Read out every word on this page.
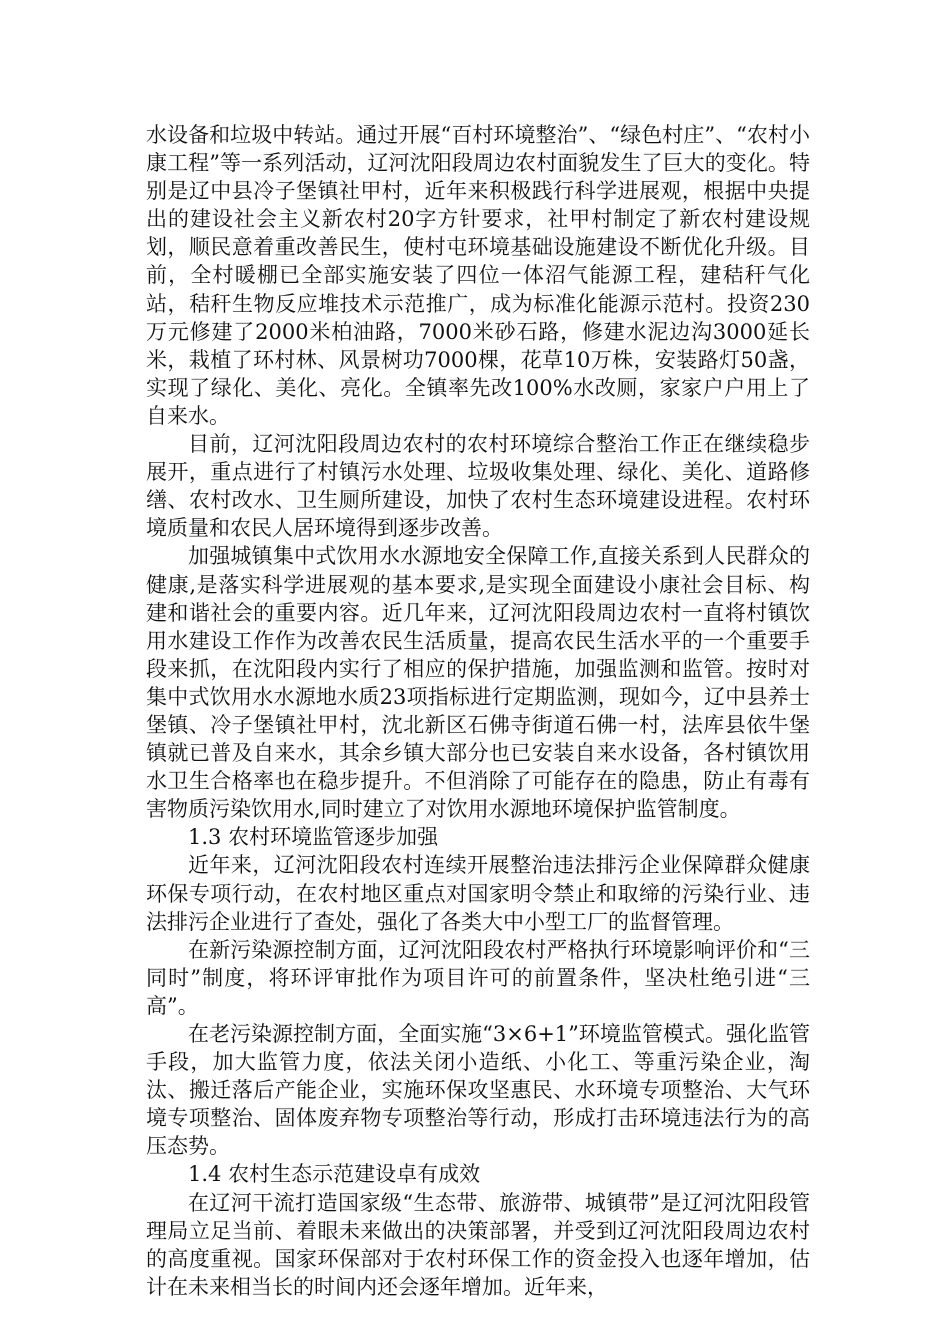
水设备和垃圾中转站。通过开展“百村环境整治”、“绿色村庄”、“农村小康工程”等一系列活动，辽河沈阳段周边农村面貌发生了巨大的变化。特别是辽中县冷子堡镇社甲村，近年来积极践行科学进展观，根据中央提出的建设社会主义新农村20字方针要求，社甲村制定了新农村建设规划，顺民意着重改善民生，使村屯环境基础设施建设不断优化升级。目前，全村暖棚已全部实施安装了四位一体沼气能源工程，建秸秆气化站，秸秆生物反应堆技术示范推广，成为标准化能源示范村。投资230万元修建了2000米柏油路，7000米砂石路，修建水泥边沟3000延长米，栽植了环村林、风景树功7000棵，花草10万株，安装路灯50盏，实现了绿化、美化、亮化。全镇率先改100%水改厕，家家户户用上了自来水。

目前，辽河沈阳段周边农村的农村环境综合整治工作正在继续稳步展开，重点进行了村镇污水处理、垃圾收集处理、绿化、美化、道路修缮、农村改水、卫生厕所建设，加快了农村生态环境建设进程。农村环境质量和农民人居环境得到逐步改善。

加强城镇集中式饮用水水源地安全保障工作,直接关系到人民群众的健康,是落实科学进展观的基本要求,是实现全面建设小康社会目标、构建和谐社会的重要内容。近几年来，辽河沈阳段周边农村一直将村镇饮用水建设工作作为改善农民生活质量，提高农民生活水平的一个重要手段来抓，在沈阳段内实行了相应的保护措施，加强监测和监管。按时对集中式饮用水水源地水质23项指标进行定期监测，现如今，辽中县养士堡镇、冷子堡镇社甲村，沈北新区石佛寺街道石佛一村，法库县依牛堡镇就已普及自来水，其余乡镇大部分也已安装自来水设备，各村镇饮用水卫生合格率也在稳步提升。不但消除了可能存在的隐患，防止有毒有害物质污染饮用水,同时建立了对饮用水源地环境保护监管制度。

1.3 农村环境监管逐步加强

近年来，辽河沈阳段农村连续开展整治违法排污企业保障群众健康环保专项行动，在农村地区重点对国家明令禁止和取缔的污染行业、违法排污企业进行了查处，强化了各类大中小型工厂的监督管理。

在新污染源控制方面，辽河沈阳段农村严格执行环境影响评价和“三同时”制度，将环评审批作为项目许可的前置条件，坚决杜绝引进“三高”。

在老污染源控制方面，全面实施“3×6+1”环境监管模式。强化监管手段，加大监管力度，依法关闭小造纸、小化工、等重污染企业，淘汰、搬迁落后产能企业，实施环保攻坚惠民、水环境专项整治、大气环境专项整治、固体废弃物专项整治等行动，形成打击环境违法行为的高压态势。

1.4 农村生态示范建设卓有成效

在辽河干流打造国家级“生态带、旅游带、城镇带”是辽河沈阳段管理局立足当前、着眼未来做出的决策部署，并受到辽河沈阳段周边农村的高度重视。国家环保部对于农村环保工作的资金投入也逐年增加，估计在未来相当长的时间内还会逐年增加。近年来，
